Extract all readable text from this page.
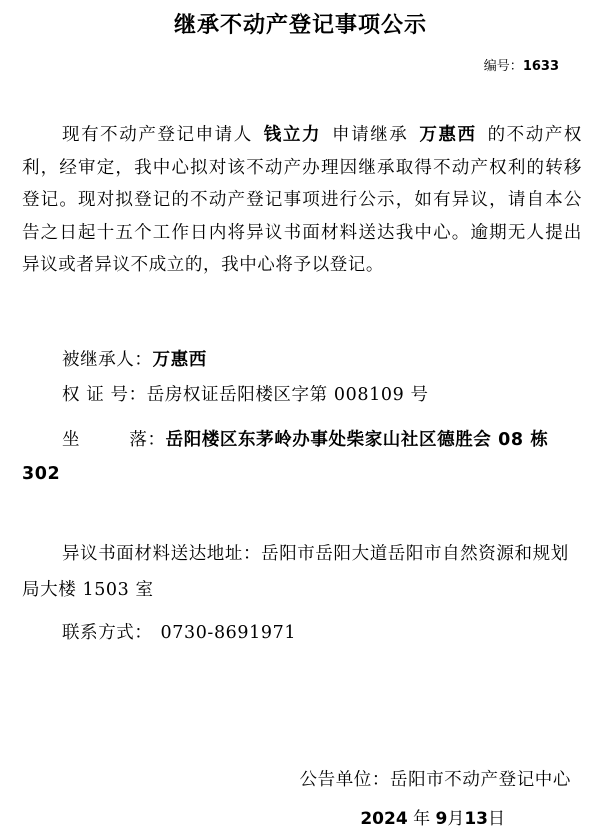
继承不动产登记事项公示
编号：1633
现有不动产登记申请人 钱立力 申请继承 万惠西 的不动产权利，经审定，我中心拟对该不动产办理因继承取得不动产权利的转移登记。现对拟登记的不动产登记事项进行公示，如有异议，请自本公告之日起十五个工作日内将异议书面材料送达我中心。逾期无人提出异议或者异议不成立的，我中心将予以登记。
被继承人：万惠西
权 证 号：岳房权证岳阳楼区字第 008109 号
坐        落：岳阳楼区东茅岭办事处柴家山社区德胜会 08 栋 302
异议书面材料送达地址：岳阳市岳阳大道岳阳市自然资源和规划局大楼 1503 室
联系方式： 0730-8691971
公告单位：岳阳市不动产登记中心
2024 年 9月13日
